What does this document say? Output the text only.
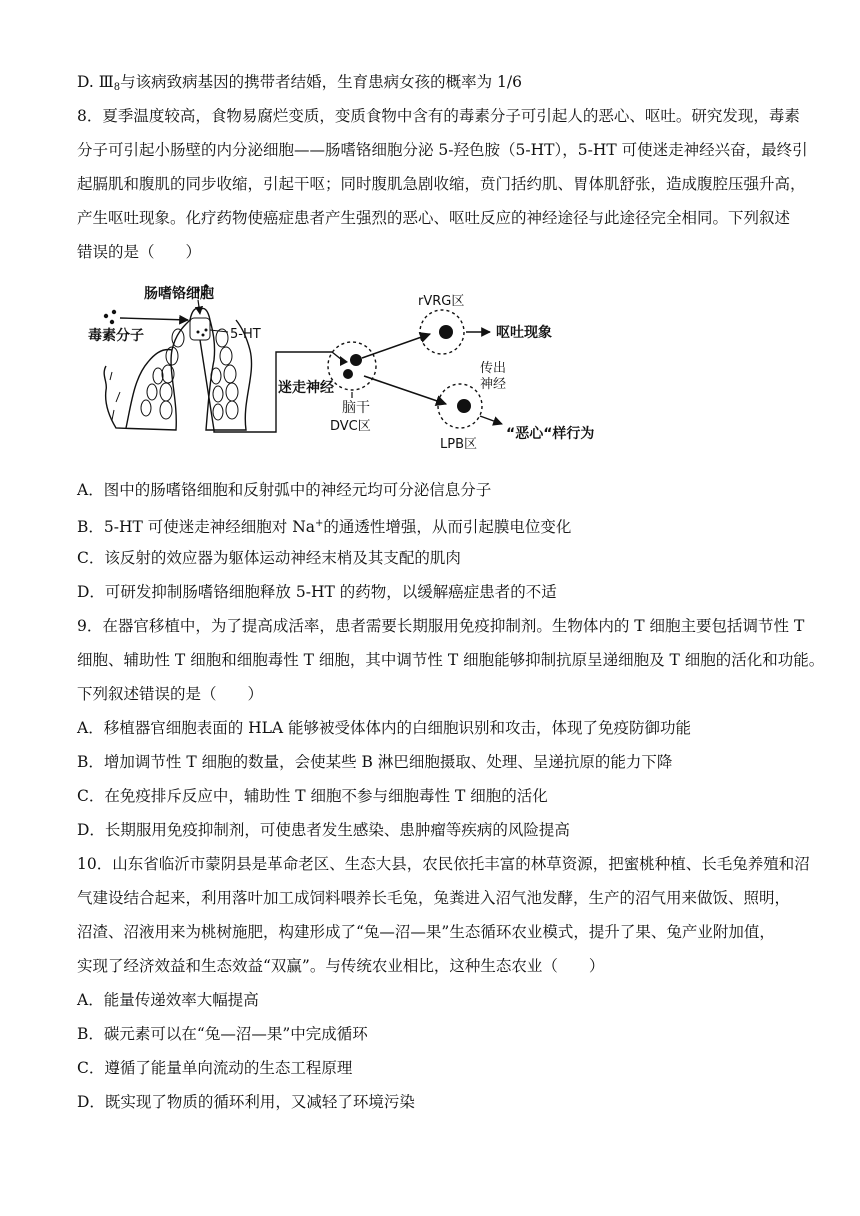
D. $Ⅲ_8$与该病致病基因的携带者结婚，生育患病女孩的概率为 1/6
8．夏季温度较高，食物易腐烂变质，变质食物中含有的毒素分子可引起人的恶心、呕吐。研究发现，毒素
分子可引起小肠壁的内分泌细胞——肠嗜铬细胞分泌 5-羟色胺（5-HT），5-HT 可使迷走神经兴奋，最终引
起膈肌和腹肌的同步收缩，引起干呕；同时腹肌急剧收缩，贲门括约肌、胃体肌舒张，造成腹腔压强升高，
产生呕吐现象。化疗药物使癌症患者产生强烈的恶心、呕吐反应的神经途径与此途径完全相同。下列叙述
错误的是（　　）
肠嗜铬细胞
毒素分子	5-HT
迷走神经
脑干
DVC区
rVRG区
呕吐现象
传出
神经
LPB区
“恶心“样行为
A．图中的肠嗜铬细胞和反射弧中的神经元均可分泌信息分子
B．5-HT 可使迷走神经细胞对 Na+的通透性增强，从而引起膜电位变化
C．该反射的效应器为躯体运动神经末梢及其支配的肌肉
D．可研发抑制肠嗜铬细胞释放 5-HT 的药物，以缓解癌症患者的不适
9．在器官移植中，为了提高成活率，患者需要长期服用免疫抑制剂。生物体内的 T 细胞主要包括调节性 T
细胞、辅助性 T 细胞和细胞毒性 T 细胞，其中调节性 T 细胞能够抑制抗原呈递细胞及 T 细胞的活化和功能。
下列叙述错误的是（　　）
A．移植器官细胞表面的 HLA 能够被受体体内的白细胞识别和攻击，体现了免疫防御功能
B．增加调节性 T 细胞的数量，会使某些 B 淋巴细胞摄取、处理、呈递抗原的能力下降
C．在免疫排斥反应中，辅助性 T 细胞不参与细胞毒性 T 细胞的活化
D．长期服用免疫抑制剂，可使患者发生感染、患肿瘤等疾病的风险提高
10．山东省临沂市蒙阴县是革命老区、生态大县，农民依托丰富的林草资源，把蜜桃种植、长毛兔养殖和沼
气建设结合起来，利用落叶加工成饲料喂养长毛兔，兔粪进入沼气池发酵，生产的沼气用来做饭、照明，
沼渣、沼液用来为桃树施肥，构建形成了“兔—沼—果”生态循环农业模式，提升了果、兔产业附加值，
实现了经济效益和生态效益“双赢”。与传统农业相比，这种生态农业（　　）
A．能量传递效率大幅提高
B．碳元素可以在“兔—沼—果”中完成循环
C．遵循了能量单向流动的生态工程原理
D．既实现了物质的循环利用，又减轻了环境污染
